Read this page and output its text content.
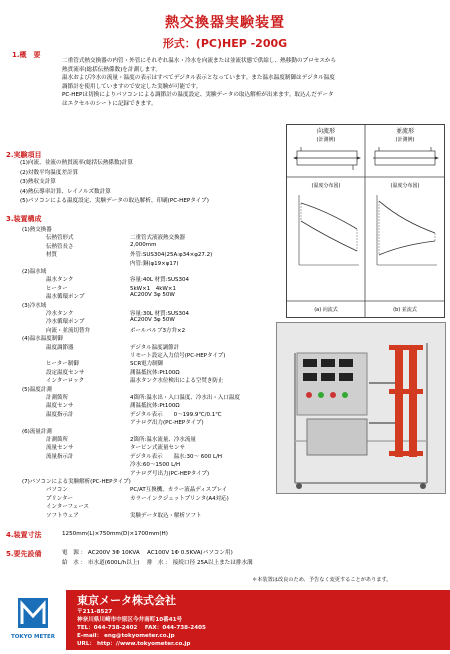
熱交換器実験装置
形式：(PC)HEP -200G
1.概　要
二重管式熱交換器の内管・外管にそれぞれ温水・冷水を向流または並流状態で供給し、熱移動のプロセスから
熱貫流率(総括伝熱係数)を計測します。
温水および冷水の流量・温度の表示はすべてデジタル表示となっています。また温水温度制御はデジタル温度
調節計を使用していますので安定した実験が可能です。
PC-HEPは切換によりパソコンによる調節計の温度設定、実験データの取込解析が出来ます。取込んだデータ
はエクセルのシートに記録できます。
2.実験項目
(1)向流、並流の熱貫流率(総括伝熱係数)計算
(2)対数平均温度差計算
(3)熱収支計算
(4)熱伝導率計算、レイノルズ数計算
(5)パソコンによる温度設定、実験データの取込解析、印刷(PC-HEPタイプ)
3.装置構成
(1)熱交換器
伝熱管形式	二重管式液液熱交換器
伝熱管長さ	2,000mm
材質	外管:SUS304(25A:φ34×φ27.2)
内管:銅(φ19×φ17)
(2)温水域
温水タンク	容量:40L 材質:SUS304
ヒーター	5kW×1　4kW×1
温水循環ポンプ	AC200V 3φ 50W
(3)冷水域
冷水タンク	容量:30L 材質:SUS304
冷水循環ポンプ	AC200V 3φ 50W
向流・並流切替弁	ボールバルブ3方弁×2
(4)温水温度制御
温度調節器	デジタル温度調節計
リモート設定入力信号(PC-HEPタイプ)
ヒーター制御	SCR電力制御
設定温度センサ	測温抵抗体:Pt100Ω
インターロック	温水タンク水位検出による空焚き防止
(5)温度計測
計測箇所	4箇所:温水出・入口温度、冷水出・入口温度
温度センサ	測温抵抗体:Pt100Ω
温度指示計	デジタル表示　　0〜199.9℃/0.1℃
アナログ出力(PC-HEPタイプ)
(6)流量計測
計測箇所	2箇所:温水流量、冷水流量
流量センサ	タービン式流量センサ
流量指示計	デジタル表示　　温水:30〜 600 L/H
冷水:60〜1500 L/H
アナログ号出力(PC-HEPタイプ)
(7)パソコンによる実験解析(PC-HEPタイプ)
パソコン	PC/AT互換機、カラー液晶ディスプレイ
プリンター	カラーインクジェットプリンタ(A4対応)
インターフェース
ソフトウェア	実験データ取込・解析ソフト
向流形	並流形
(計測例)	(計測例)
(温度分布図)	(温度分布図)
(a) 向流式	(b) 並流式
4.装置寸法	1250mm(L)×750mm(D)×1700mm(H)
5.要先設備	電　源 ： AC200V 3Φ 10KVA　 AC100V 1Φ 0.5KVA(パソコン用)
給　水 ： 市水道(600L/h以上)　 排　水 ： 接続口径 25A以上または排水溝
＊本装置は改良のため、予告なく変更することがあります。
TOKYO METER
東京メータ株式会社
〒211-8527
神奈川県川崎市中原区今井南町10番41号
TEL：044-738-2402　 FAX：044-738-2405
E-mail： eng@tokyometer.co.jp
URL： http：//www.tokyometer.co.jp
